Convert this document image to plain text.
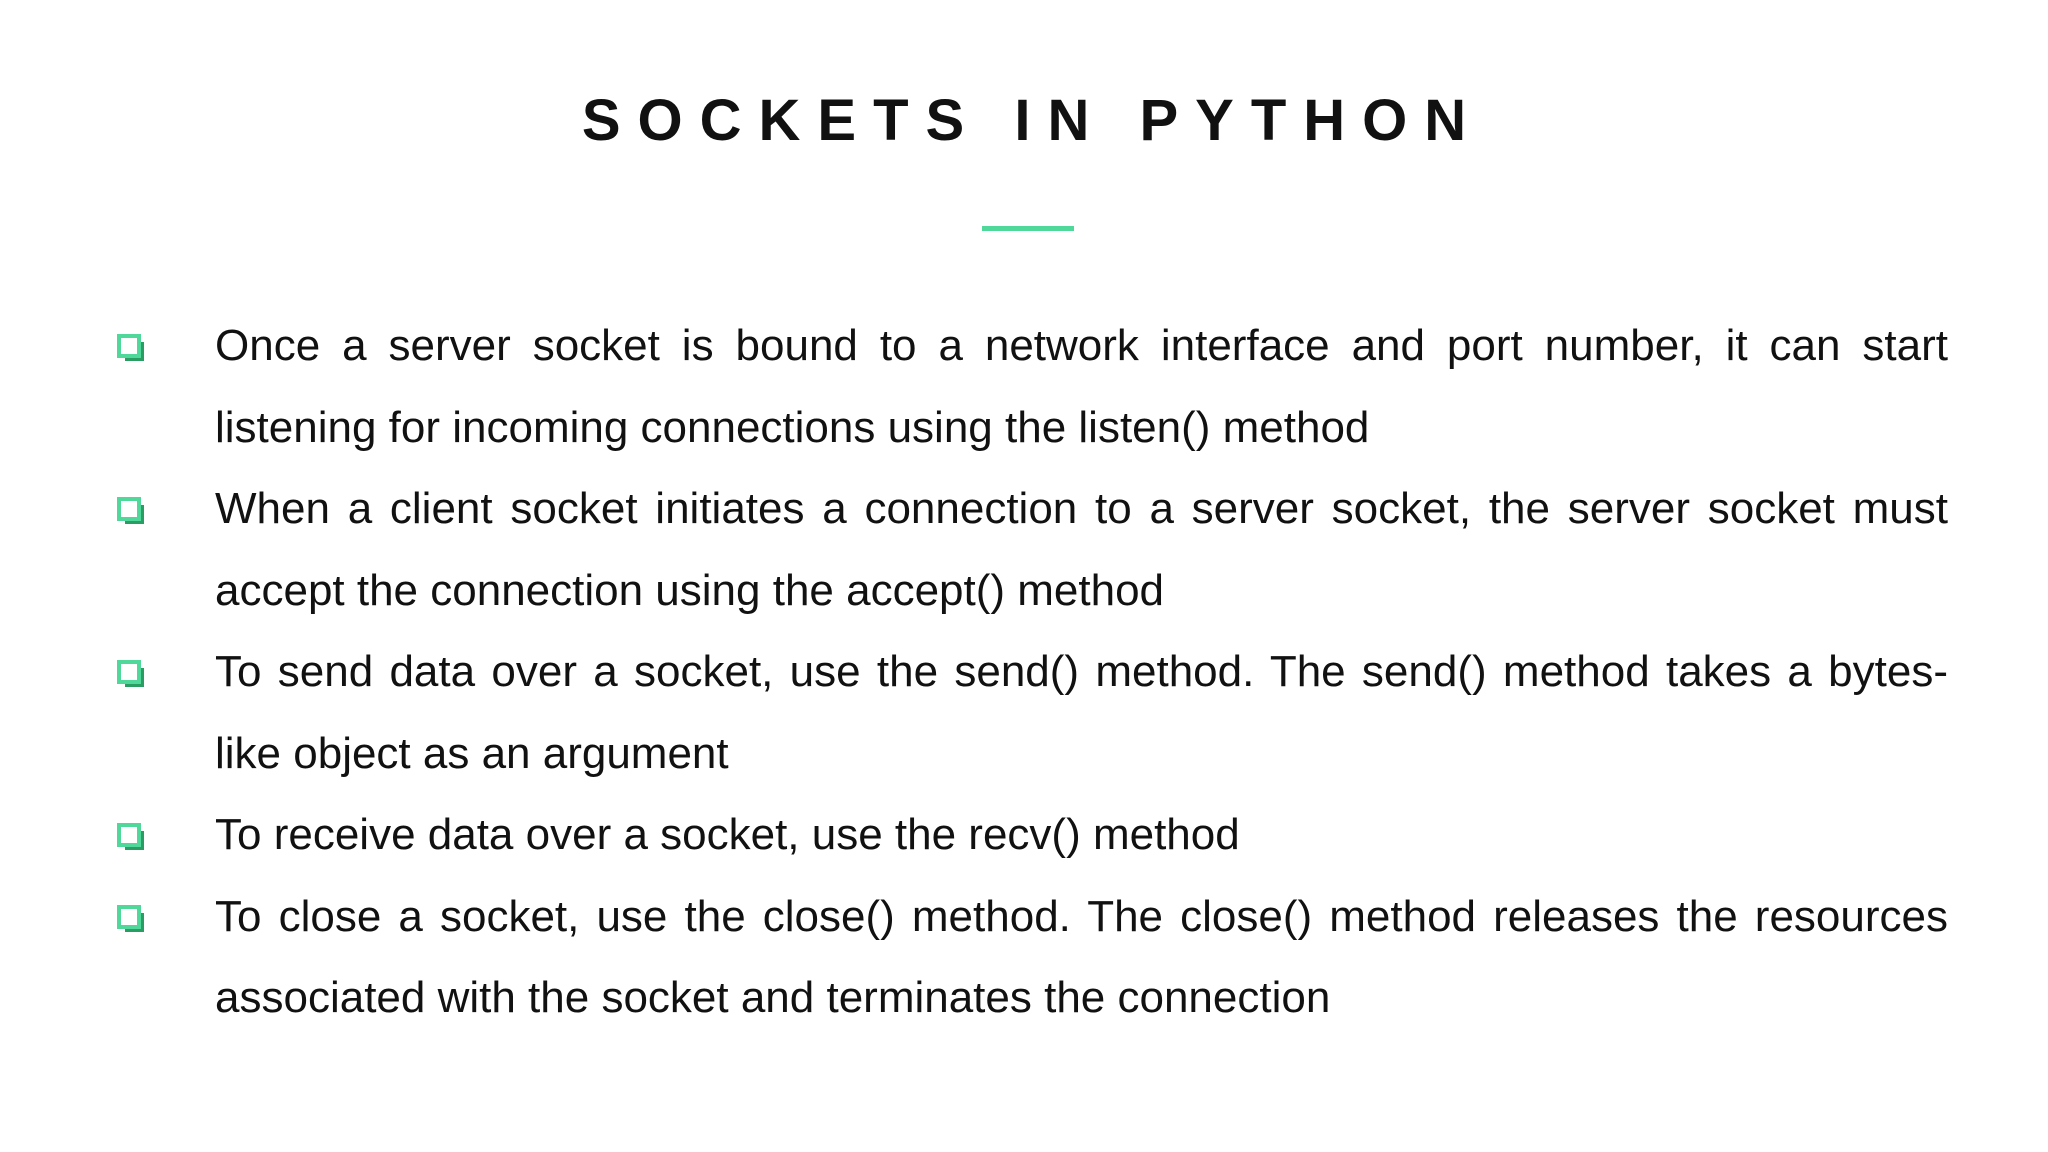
SOCKETS IN PYTHON
Once a server socket is bound to a network interface and port number, it can start listening for incoming connections using the listen() method
When a client socket initiates a connection to a server socket, the server socket must accept the connection using the accept() method
To send data over a socket, use the send() method. The send() method takes a bytes-like object as an argument
To receive data over a socket, use the recv() method
To close a socket, use the close() method. The close() method releases the resources associated with the socket and terminates the connection
